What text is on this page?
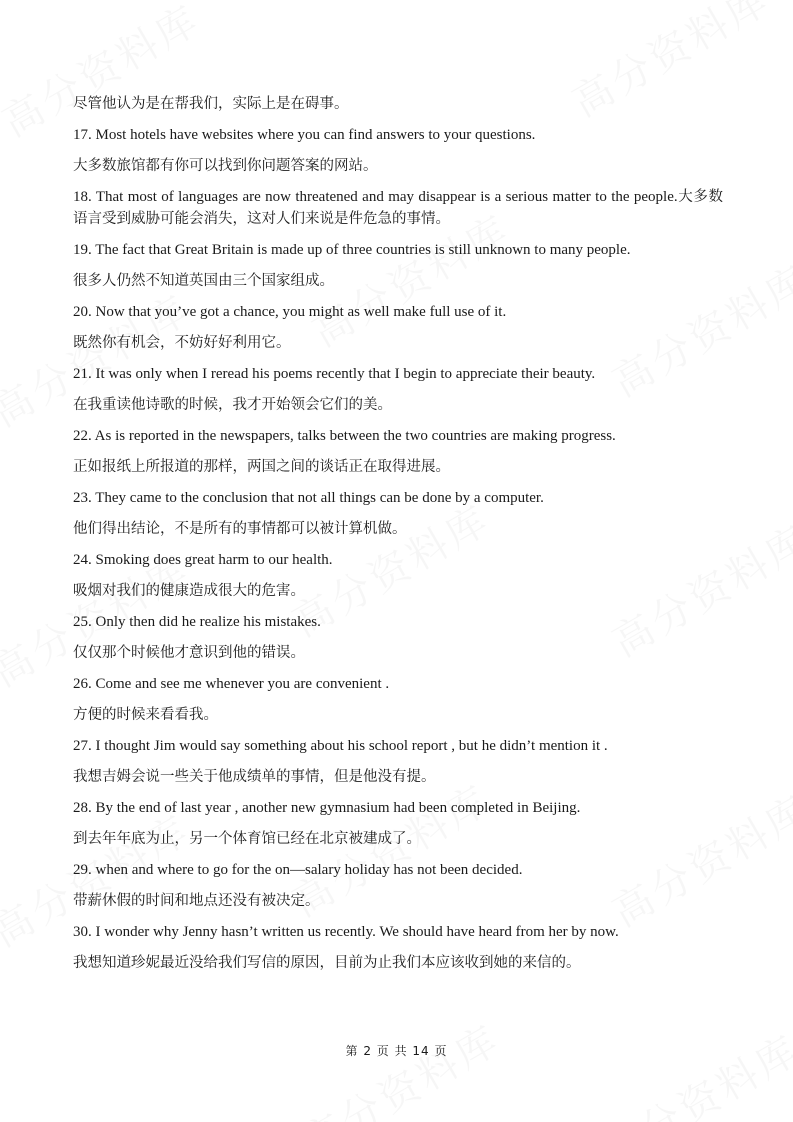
尽管他认为是在帮我们，实际上是在碍事。

17. Most hotels have websites where you can find answers to your questions.

大多数旅馆都有你可以找到你问题答案的网站。

18. That most of languages are now threatened and may disappear is a serious matter to the people.大多数语言受到威胁可能会消失，这对人们来说是件危急的事情。

19. The fact that Great Britain is made up of three countries is still unknown to many people.

很多人仍然不知道英国由三个国家组成。

20. Now that you’ve got a chance, you might as well make full use of it.

既然你有机会，不妨好好利用它。

21. It was only when I reread his poems recently that I begin to appreciate their beauty.

在我重读他诗歌的时候，我才开始领会它们的美。

22. As is reported in the newspapers, talks between the two countries are making progress.

正如报纸上所报道的那样，两国之间的谈话正在取得进展。

23. They came to the conclusion that not all things can be done by a computer.

他们得出结论，不是所有的事情都可以被计算机做。

24. Smoking does great harm to our health.

吸烟对我们的健康造成很大的危害。

25. Only then did he realize his mistakes.

仅仅那个时候他才意识到他的错误。

26. Come and see me whenever you are convenient .

方便的时候来看看我。

27. I thought Jim would say something about his school report , but he didn’t mention it .

我想吉姆会说一些关于他成绩单的事情，但是他没有提。

28. By the end of last year , another new gymnasium had been completed in Beijing.

到去年年底为止，另一个体育馆已经在北京被建成了。

29. when and where to go for the on—salary holiday has not been decided.

带薪休假的时间和地点还没有被决定。

30. I wonder why Jenny hasn’t written us recently. We should have heard from her by now.

我想知道珍妮最近没给我们写信的原因，目前为止我们本应该收到她的来信的。

第 2 页 共 14 页
